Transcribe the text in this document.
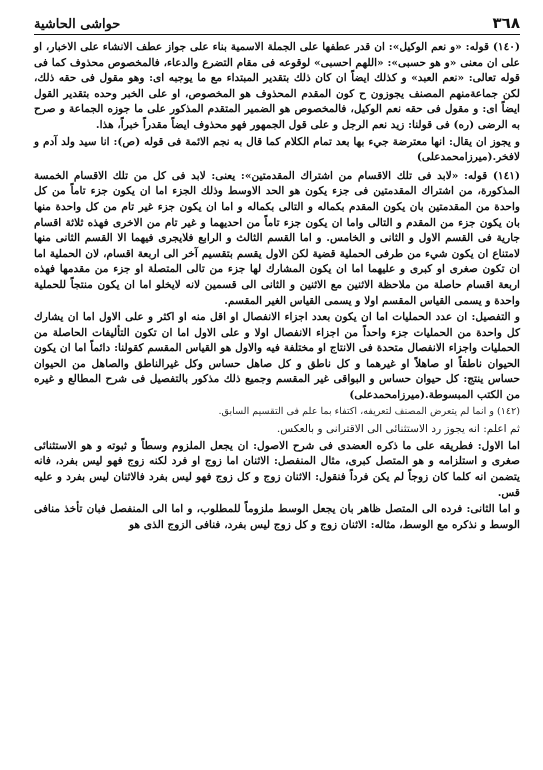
٣٦٨
حواشى الحاشية

(١٤٠) قوله: «و نعم الوكيل»: ان قدر عطفها على الجملة الاسمية بناء على جواز عطف الانشاء على الاخبار، او على ان معنى «و هو حسبى»: «اللهم احسبى» لوقوعه فى مقام التضرع والدعاء، فالمخصوص محذوف كما فى قوله تعالى: «نعم العبد» و كذلك ايضاً ان كان ذلك بتقدير المبتداء مع ما يوجبه اى: وهو مقول فى حقه ذلك، لكن جماعةمنهم المصنف يجوزون ح كون المقدم المحذوف هو المخصوص، او على الخبر وحده بتقدير القول ايضاً اى: و مقول فى حقه نعم الوكيل، فالمخصوص هو الضمير المتقدم المذكور على ما جوزه الجماعة و صرح به الرضى (ره) فى قولنا: زيد نعم الرجل و على قول الجمهور فهو محذوف ايضاً مقدراً خبراً، هذا.

و يجوز ان يقال: انها معترضة جيء بها بعد تمام الكلام كما قال به نجم الائمة فى قوله (ص): انا سيد ولد آدم و لافخر.(ميرزامحمدعلى)

(١٤١) قوله: «لابد فى تلك الاقسام من اشتراك المقدمتين»: يعنى: لابد فى كل من تلك الاقسام الخمسة المذكورة، من اشتراك المقدمتين فى جزء يكون هو الحد الاوسط وذلك الجزء اما ان يكون جزء تاماً من كل واحدة من المقدمتين بان يكون المقدم بكماله و التالى بكماله و اما ان يكون جزء غير تام من كل واحدة منها بان يكون جزء من المقدم و التالى واما ان يكون جزء تاماً من احديهما و غير تام من الاخرى فهذه ثلاثة اقسام جارية فى القسم الاول و الثانى و الخامس. و اما القسم الثالث و الرابع فلايجرى فيهما الا القسم الثانى منها لامتناع ان يكون شيء من طرفى الحملية قضية لكن الاول يقسم بتقسيم آخر الى اربعة اقسام، لان الحملية اما ان تكون صغرى او كبرى و عليهما اما ان يكون المشارك لها جزء من تالى المتصلة او جزء من مقدمها فهذه اربعة اقسام حاصلة من ملاحظة الاثنين مع الاثنين و الثانى الى قسمين لانه لايخلو اما ان يكون منتجاً للحملية واحدة و يسمى القياس المقسم اولا و يسمى القياس الغير المقسم.

و التفصيل: ان عدد الحمليات اما ان يكون بعدد اجزاء الانفصال او اقل منه او اكثر و على الاول اما ان يشارك كل واحدة من الحمليات جزء واحداً من اجزاء الانفصال اولا و على الاول اما ان تكون التأليفات الحاصلة من الحمليات واجزاء الانفصال متحدة فى الانتاج او مختلفة فيه والاول هو القياس المقسم كقولنا: دائماً اما ان يكون الحيوان ناطقاً او صاهلاً او غيرهما و كل ناطق و كل صاهل حساس وكل غيرالناطق والصاهل من الحيوان حساس ينتج: كل حيوان حساس و البواقى غير المقسم وجميع ذلك مذكور بالتفصيل فى شرح المطالع و غيره من الكتب المبسوطة.(ميرزامحمدعلى)

(١٤٢) و انما لم يتعرض المصنف لتعريفه، اكتفاء بما علم فى التقسيم السابق.

ثم اعلم: انه يجوز رد الاستثنائى الى الاقترانى و بالعكس.

اما الاول: فطريقه على ما ذكره العضدى فى شرح الاصول: ان يجعل الملزوم وسطاً و ثبوته و هو الاستثنائى صغرى و استلزامه و هو المتصل كبرى، مثال المنفصل: الاثنان اما زوج او فرد لكنه زوج فهو ليس بفرد، فانه يتضمن انه كلما كان زوجاً لم يكن فرداً فنقول: الاثنان زوج و كل زوج فهو ليس بفرد فالاثنان ليس بفرد و عليه قس.

و اما الثانى: فرده الى المتصل ظاهر بان يجعل الوسط ملزوماً للمطلوب، و اما الى المنفصل فبان تأخذ منافى الوسط و نذكره مع الوسط، مثاله: الاثنان زوج و كل زوج ليس بفرد، فنافى الزوج الذى هو
